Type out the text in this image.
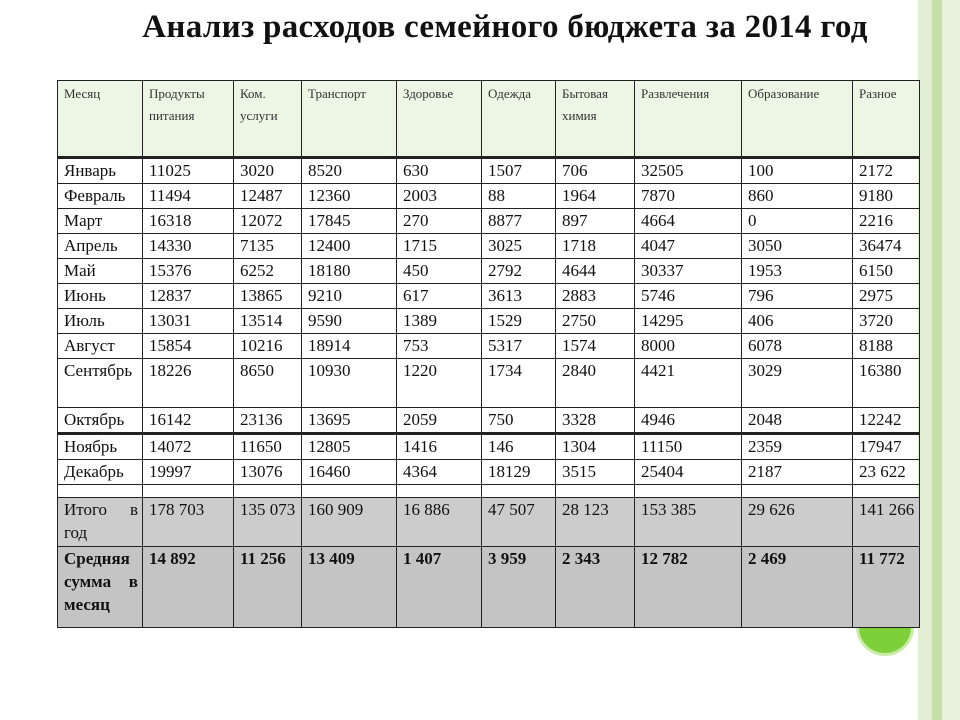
Анализ расходов семейного бюджета за 2014 год
Месяц	Продукты питания	Ком. услуги	Транспорт	Здоровье	Одежда	Бытовая химия	Развлечения	Образование	Разное
Январь	11025	3020	8520	630	1507	706	32505	100	2172
Февраль	11494	12487	12360	2003	88	1964	7870	860	9180
Март	16318	12072	17845	270	8877	897	4664	0	2216
Апрель	14330	7135	12400	1715	3025	1718	4047	3050	36474
Май	15376	6252	18180	450	2792	4644	30337	1953	6150
Июнь	12837	13865	9210	617	3613	2883	5746	796	2975
Июль	13031	13514	9590	1389	1529	2750	14295	406	3720
Август	15854	10216	18914	753	5317	1574	8000	6078	8188
Сентябрь	18226	8650	10930	1220	1734	2840	4421	3029	16380
Октябрь	16142	23136	13695	2059	750	3328	4946	2048	12242
Ноябрь	14072	11650	12805	1416	146	1304	11150	2359	17947
Декабрь	19997	13076	16460	4364	18129	3515	25404	2187	23 622

Итого в год	178 703	135 073	160 909	16 886	47 507	28 123	153 385	29 626	141 266
Средняя сумма в месяц	14 892	11 256	13 409	1 407	3 959	2 343	12 782	2 469	11 772
